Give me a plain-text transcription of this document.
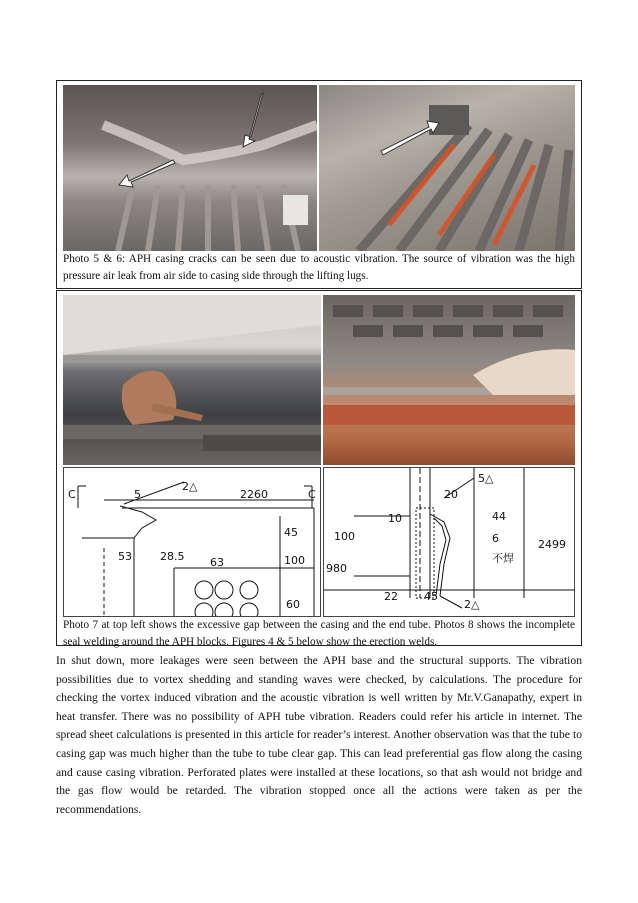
Photo 5 & 6: APH casing cracks can be seen due to acoustic vibration. The source of vibration was the high pressure air leak from air side to casing side through the lifting lugs.
C	C
5
2△
2260
53	28.5 63
45
100
60
20
5△
44
6	2499
10
100
980
22 45
2△
不焊
Photo 7 at top left shows the excessive gap between the casing and the end tube. Photos 8 shows the incomplete seal welding around the APH blocks. Figures 4 & 5 below show the erection welds.
In shut down, more leakages were seen between the APH base and the structural supports. The vibration possibilities due to vortex shedding and standing waves were checked, by calculations. The procedure for checking the vortex induced vibration and the acoustic vibration is well written by Mr.V.Ganapathy, expert in heat transfer. There was no possibility of APH tube vibration. Readers could refer his article in internet. The spread sheet calculations is presented in this article for reader’s interest. Another observation was that the tube to casing gap was much higher than the tube to tube clear gap. This can lead preferential gas flow along the casing and cause casing vibration. Perforated plates were installed at these locations, so that ash would not bridge and the gas flow would be retarded. The vibration stopped once all the actions were taken as per the recommendations.
